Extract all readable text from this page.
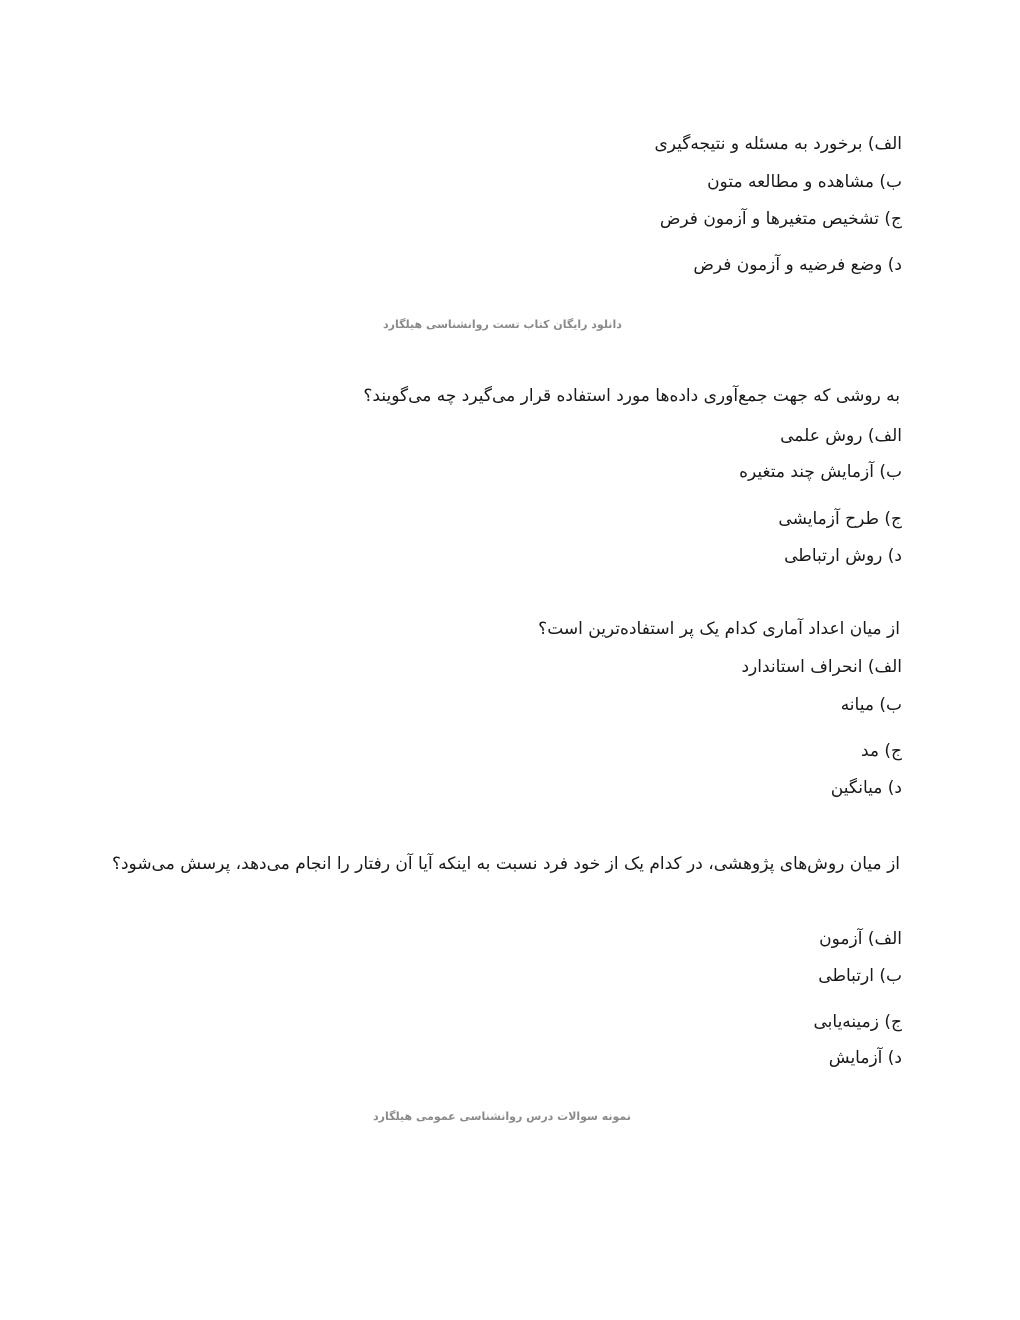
الف) برخورد به مسئله و نتیجه‌گیری
ب) مشاهده و مطالعه متون
ج) تشخیص متغیرها و آزمون فرض
د) وضع فرضیه و آزمون فرض
دانلود رایگان کتاب تست روانشناسی هیلگارد
به روشی که جهت جمع‌آوری داده‌ها مورد استفاده قرار می‌گیرد چه می‌گویند؟
الف) روش علمی
ب) آزمایش چند متغیره
ج) طرح آزمایشی
د) روش ارتباطی
از میان اعداد آماری کدام یک پر استفاده‌ترین است؟
الف) انحراف استاندارد
ب) میانه
ج) مد
د) میانگین
از میان روش‌های پژوهشی، در کدام یک از خود فرد نسبت به اینکه آیا آن رفتار را انجام می‌دهد، پرسش می‌شود؟
الف) آزمون
ب) ارتباطی
ج) زمینه‌یابی
د) آزمایش
نمونه سوالات درس روانشناسی عمومی هیلگارد
